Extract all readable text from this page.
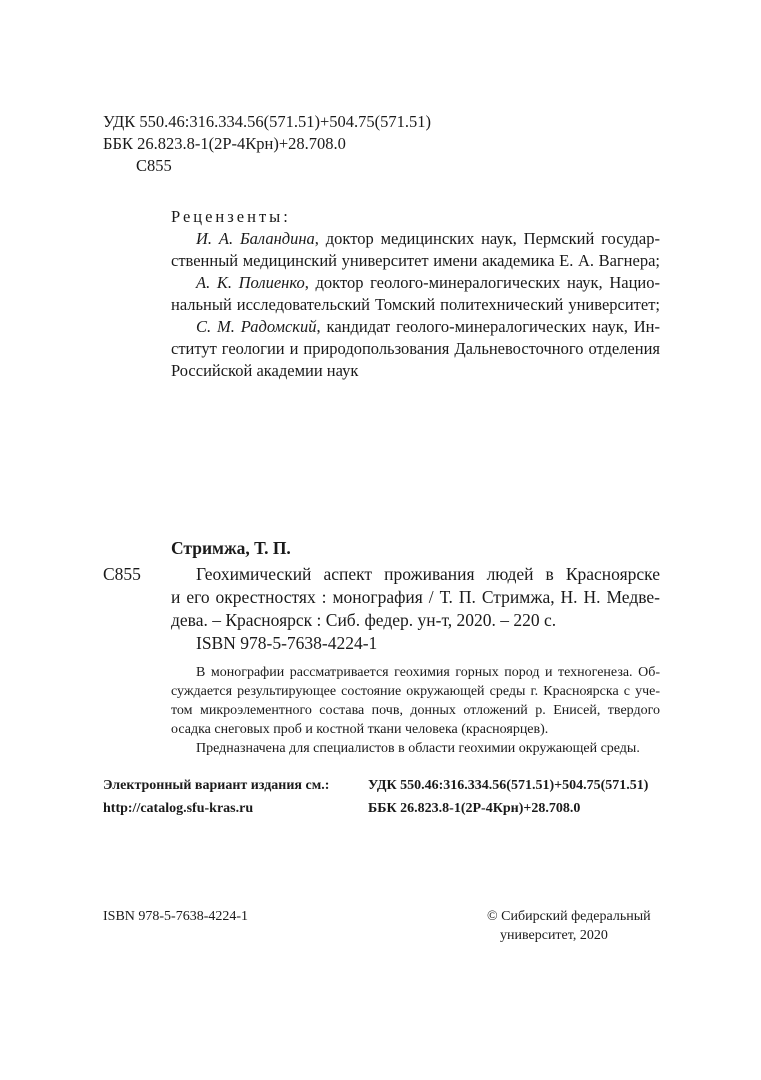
УДК 550.46:316.334.56(571.51)+504.75(571.51)
ББК 26.823.8-1(2Р-4Крн)+28.708.0
С855
Рецензенты:
И. А. Баландина, доктор медицинских наук, Пермский государ-
ственный медицинский университет имени академика Е. А. Вагнера;
А. К. Полиенко, доктор геолого-минералогических наук, Нацио-
нальный исследовательский Томский политехнический университет;
С. М. Радомский, кандидат геолого-минералогических наук, Ин-
ститут геологии и природопользования Дальневосточного отделения
Российской академии наук
Стримжа, Т. П.
С855	Геохимический аспект проживания людей в Красноярске
и его окрестностях : монография / Т. П. Стримжа, Н. Н. Медве-
дева. – Красноярск : Сиб. федер. ун-т, 2020. – 220 с.
ISBN 978-5-7638-4224-1
В монографии рассматривается геохимия горных пород и техногенеза. Об-
суждается результирующее состояние окружающей среды г. Красноярска с уче-
том микроэлементного состава почв, донных отложений р. Енисей, твердого
осадка снеговых проб и костной ткани человека (красноярцев).
Предназначена для специалистов в области геохимии окружающей среды.
Электронный вариант издания см.:
http://catalog.sfu-kras.ru
УДК 550.46:316.334.56(571.51)+504.75(571.51)
ББК 26.823.8-1(2Р-4Крн)+28.708.0
ISBN 978-5-7638-4224-1	© Сибирский федеральный
университет, 2020
